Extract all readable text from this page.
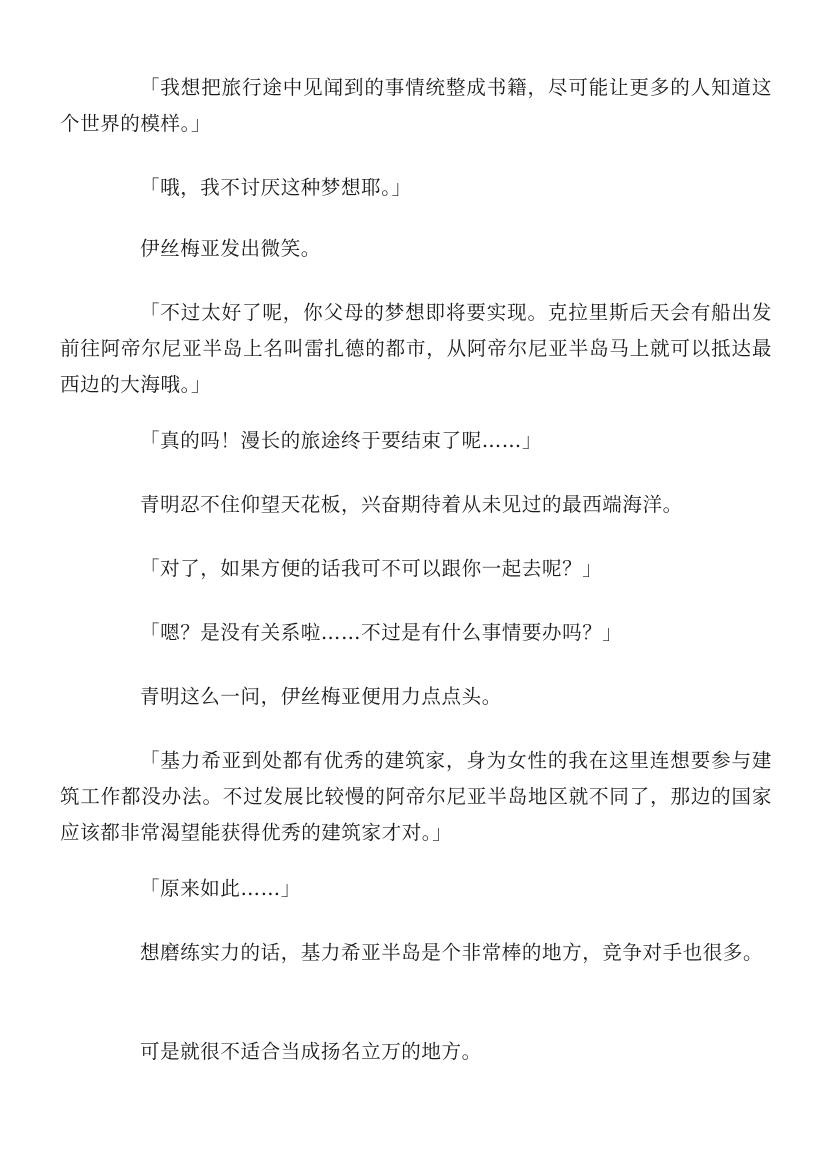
「我想把旅行途中见闻到的事情统整成书籍，尽可能让更多的人知道这个世界的模样。」

「哦，我不讨厌这种梦想耶。」

伊丝梅亚发出微笑。

「不过太好了呢，你父母的梦想即将要实现。克拉里斯后天会有船出发前往阿帝尔尼亚半岛上名叫雷扎德的都市，从阿帝尔尼亚半岛马上就可以抵达最西边的大海哦。」

「真的吗！漫长的旅途终于要结束了呢……」

青明忍不住仰望天花板，兴奋期待着从未见过的最西端海洋。

「对了，如果方便的话我可不可以跟你一起去呢？」

「嗯？是没有关系啦……不过是有什么事情要办吗？」

青明这么一问，伊丝梅亚便用力点点头。

「基力希亚到处都有优秀的建筑家，身为女性的我在这里连想要参与建筑工作都没办法。不过发展比较慢的阿帝尔尼亚半岛地区就不同了，那边的国家应该都非常渴望能获得优秀的建筑家才对。」

「原来如此……」

想磨练实力的话，基力希亚半岛是个非常棒的地方，竞争对手也很多。

可是就很不适合当成扬名立万的地方。
